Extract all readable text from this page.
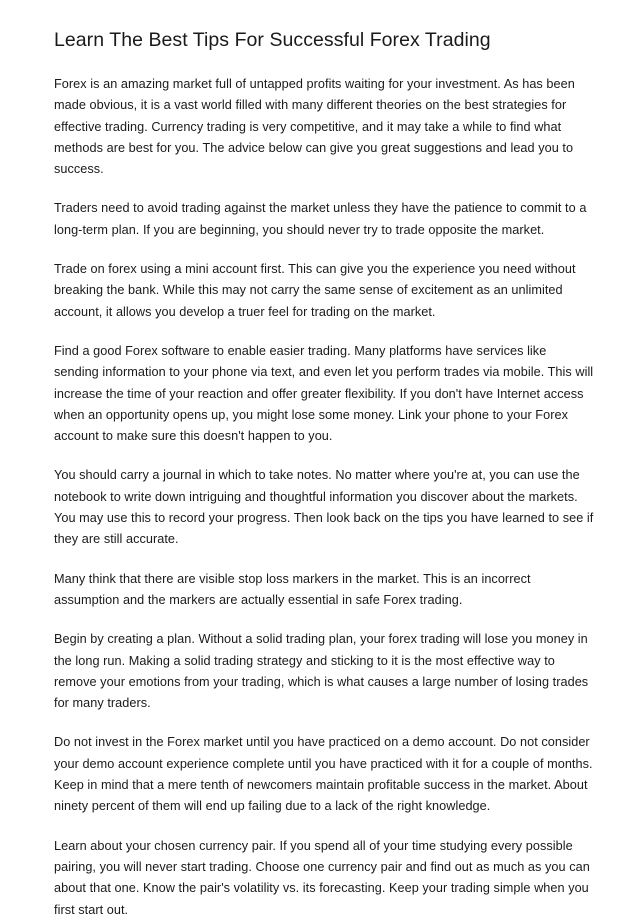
Learn The Best Tips For Successful Forex Trading

Forex is an amazing market full of untapped profits waiting for your investment. As has been made obvious, it is a vast world filled with many different theories on the best strategies for effective trading. Currency trading is very competitive, and it may take a while to find what methods are best for you. The advice below can give you great suggestions and lead you to success.

Traders need to avoid trading against the market unless they have the patience to commit to a long-term plan. If you are beginning, you should never try to trade opposite the market.

Trade on forex using a mini account first. This can give you the experience you need without breaking the bank. While this may not carry the same sense of excitement as an unlimited account, it allows you develop a truer feel for trading on the market.

Find a good Forex software to enable easier trading. Many platforms have services like sending information to your phone via text, and even let you perform trades via mobile. This will increase the time of your reaction and offer greater flexibility. If you don't have Internet access when an opportunity opens up, you might lose some money. Link your phone to your Forex account to make sure this doesn't happen to you.

You should carry a journal in which to take notes. No matter where you're at, you can use the notebook to write down intriguing and thoughtful information you discover about the markets. You may use this to record your progress. Then look back on the tips you have learned to see if they are still accurate.

Many think that there are visible stop loss markers in the market. This is an incorrect assumption and the markers are actually essential in safe Forex trading.

Begin by creating a plan. Without a solid trading plan, your forex trading will lose you money in the long run. Making a solid trading strategy and sticking to it is the most effective way to remove your emotions from your trading, which is what causes a large number of losing trades for many traders.

Do not invest in the Forex market until you have practiced on a demo account. Do not consider your demo account experience complete until you have practiced with it for a couple of months. Keep in mind that a mere tenth of newcomers maintain profitable success in the market. About ninety percent of them will end up failing due to a lack of the right knowledge.

Learn about your chosen currency pair. If you spend all of your time studying every possible pairing, you will never start trading. Choose one currency pair and find out as much as you can about that one. Know the pair's volatility vs. its forecasting. Keep your trading simple when you first start out.
